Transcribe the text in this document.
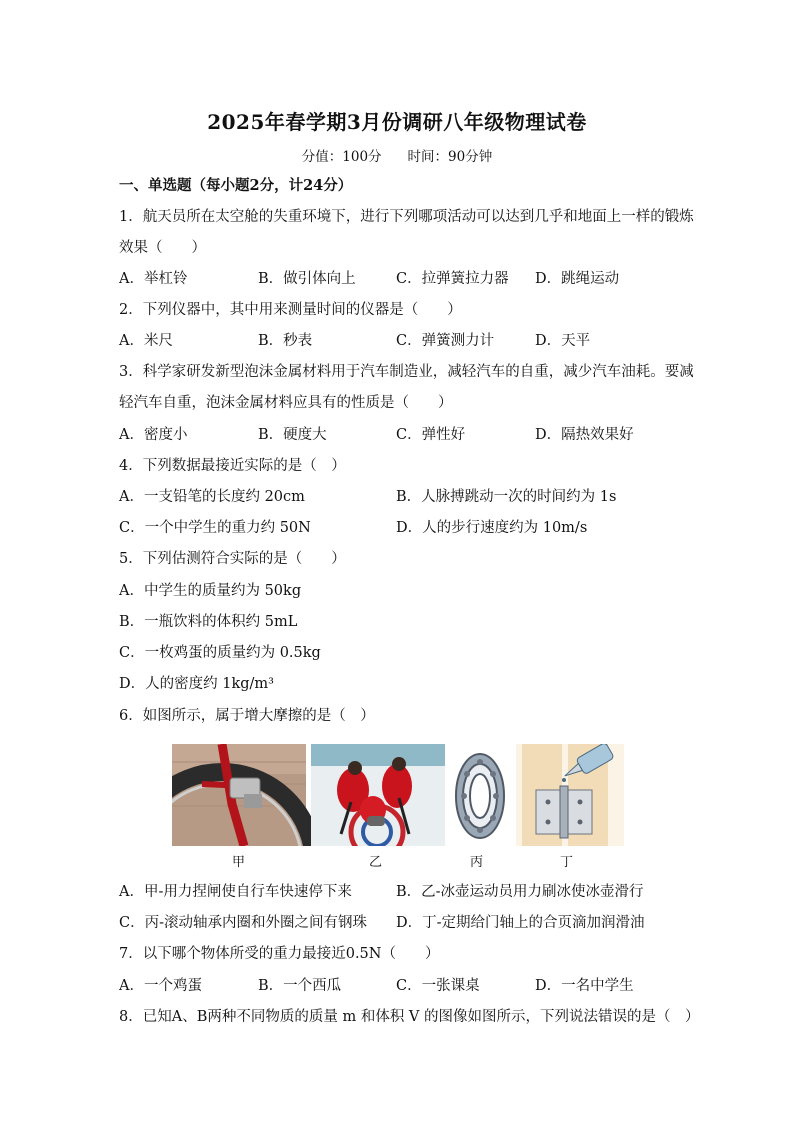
2025年春学期3月份调研八年级物理试卷
分值：100分 时间：90分钟
一、单选题（每小题2分，计24分）
1．航天员所在太空舱的失重环境下，进行下列哪项活动可以达到几乎和地面上一样的锻炼
效果（　　）
A．举杠铃	B．做引体向上	C．拉弹簧拉力器 D．跳绳运动
2．下列仪器中，其中用来测量时间的仪器是（　　）
A．米尺	B．秒表	C．弹簧测力计	D．天平
3．科学家研发新型泡沫金属材料用于汽车制造业，减轻汽车的自重，减少汽车油耗。要减
轻汽车自重，泡沫金属材料应具有的性质是（　　）
A．密度小	B．硬度大	C．弹性好	D．隔热效果好
4．下列数据最接近实际的是（　）
A．一支铅笔的长度约 20cm	B．人脉搏跳动一次的时间约为 1s
C．一个中学生的重力约 50N	D．人的步行速度约为 10m/s
5．下列估测符合实际的是（　　）
A．中学生的质量约为 50kg
B．一瓶饮料的体积约 5mL
C．一枚鸡蛋的质量约为 0.5kg
D．人的密度约 1kg/m³
6．如图所示，属于增大摩擦的是（　）
甲	乙	丙	丁
A．甲-用力捏闸使自行车快速停下来	B．乙-冰壶运动员用力刷冰使冰壶滑行
C．丙-滚动轴承内圈和外圈之间有钢珠 D．丁-定期给门轴上的合页滴加润滑油
7．以下哪个物体所受的重力最接近0.5N（　　）
A．一个鸡蛋	B．一个西瓜	C．一张课桌	D．一名中学生
8．已知A、B两种不同物质的质量 m 和体积 V 的图像如图所示，下列说法错误的是（　）
